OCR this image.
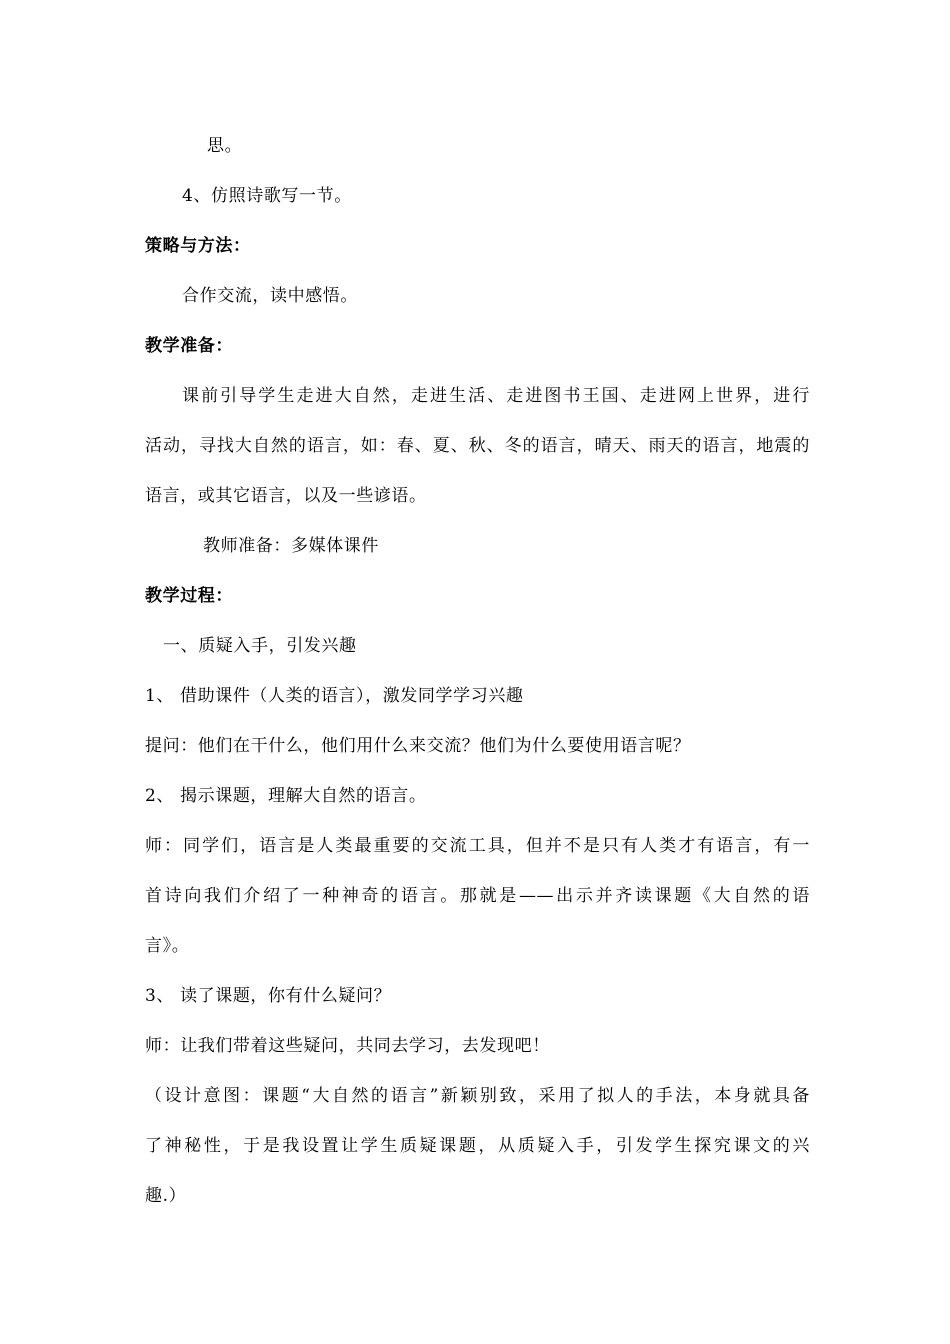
思。
4、仿照诗歌写一节。
策略与方法：
合作交流，读中感悟。
教学准备：
课前引导学生走进大自然，走进生活、走进图书王国、走进网上世界，进行
活动，寻找大自然的语言，如：春、夏、秋、冬的语言，晴天、雨天的语言，地震的
语言，或其它语言，以及一些谚语。
教师准备：多媒体课件
教学过程：
一、质疑入手，引发兴趣
1、 借助课件（人类的语言），激发同学学习兴趣
提问：他们在干什么，他们用什么来交流？他们为什么要使用语言呢？
2、 揭示课题，理解大自然的语言。
师：同学们，语言是人类最重要的交流工具，但并不是只有人类才有语言，有一
首诗向我们介绍了一种神奇的语言。那就是——出示并齐读课题《大自然的语
言》。
3、 读了课题，你有什么疑问？
师：让我们带着这些疑问，共同去学习，去发现吧！
（设计意图：课题“大自然的语言”新颖别致，采用了拟人的手法，本身就具备
了神秘性，于是我设置让学生质疑课题，从质疑入手，引发学生探究课文的兴
趣.）
